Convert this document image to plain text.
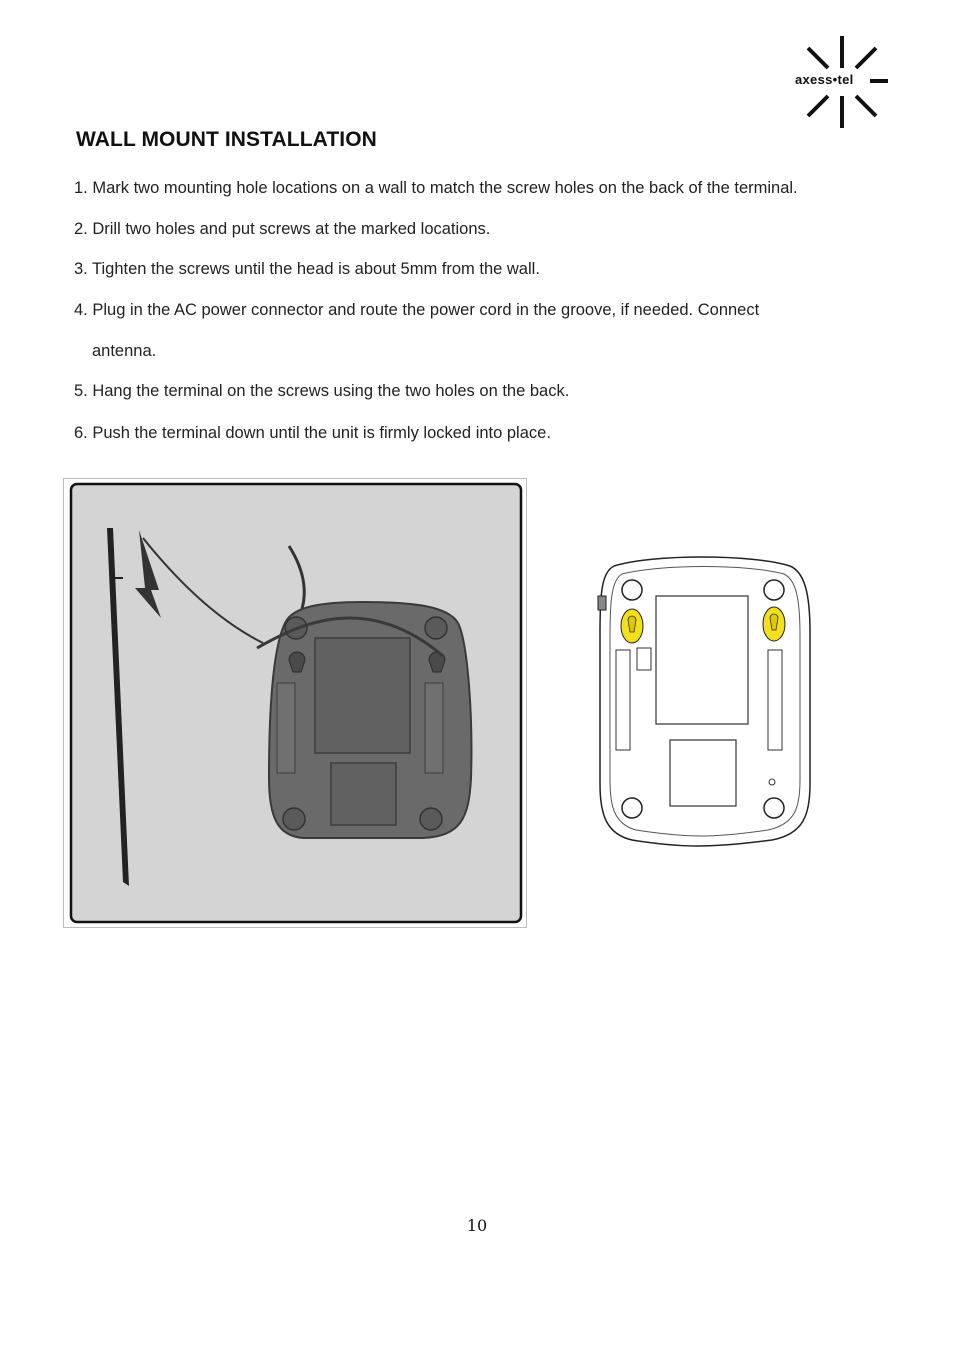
axess•tel
WALL MOUNT INSTALLATION

1. Mark two mounting hole locations on a wall to match the screw holes on the back of the terminal.

2. Drill two holes and put screws at the marked locations.

3. Tighten the screws until the head is about 5mm from the wall.

4. Plug in the AC power connector and route the power cord in the groove, if needed. Connect

antenna.

5. Hang the terminal on the screws using the two holes on the back.

6. Push the terminal down until the unit is firmly locked into place.

10
